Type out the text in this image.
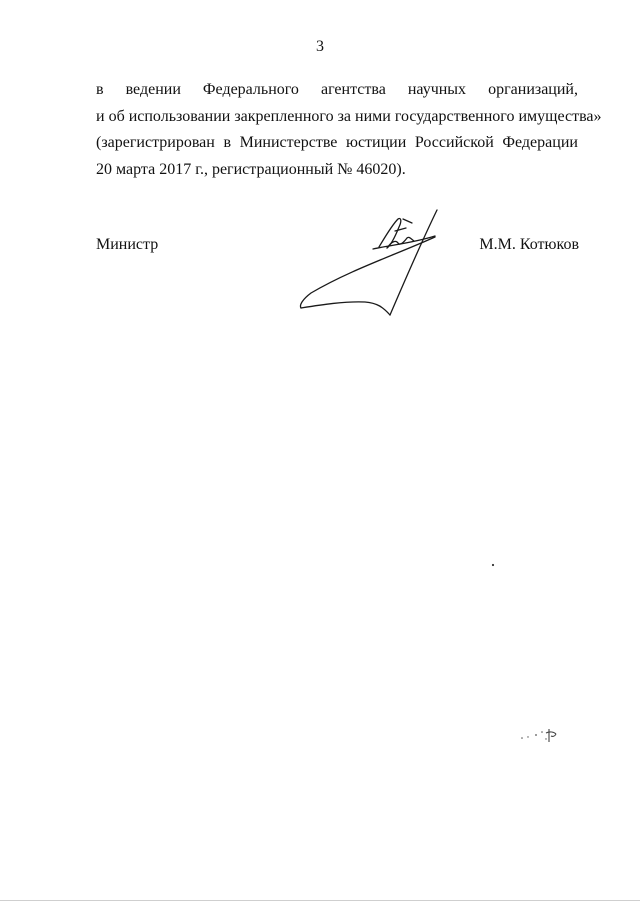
3
в ведении Федерального агентства научных организаций,
и об использовании закрепленного за ними государственного имущества»
(зарегистрирован в Министерстве юстиции Российской Федерации
20 марта 2017 г., регистрационный № 46020).
Министр	М.М. Котюков
